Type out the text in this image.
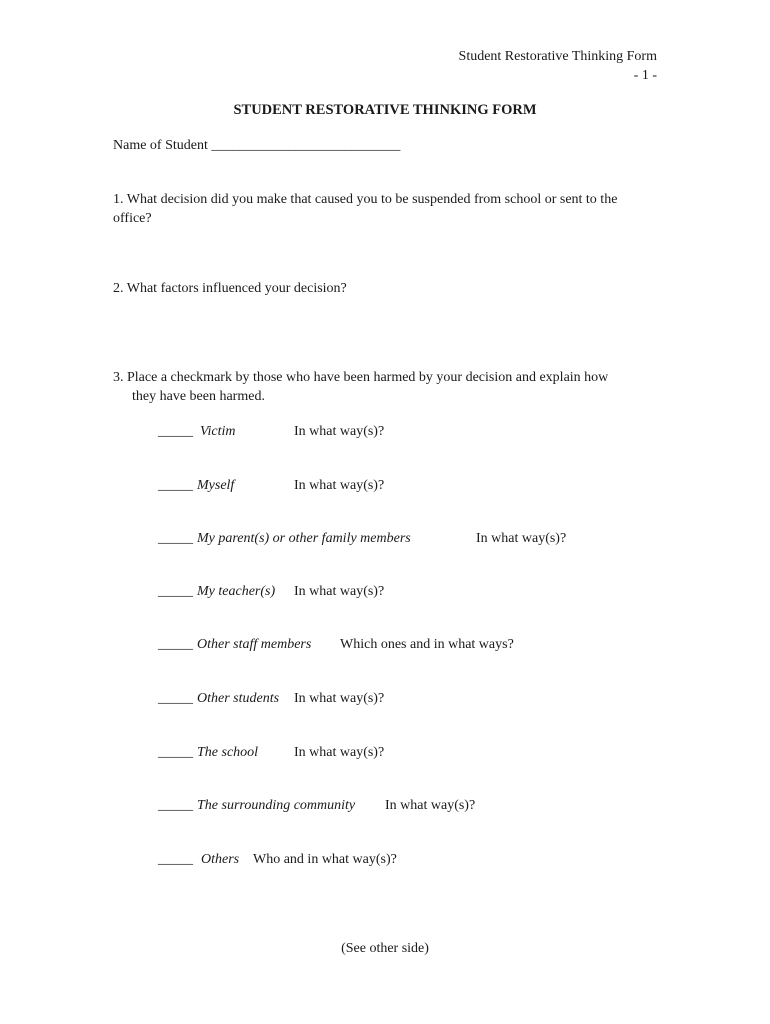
Student Restorative Thinking Form
- 1 -
STUDENT RESTORATIVE THINKING FORM
Name of Student ___________________________
1. What decision did you make that caused you to be suspended from school or sent to the office?
2. What factors influenced your decision?
3. Place a checkmark by those who have been harmed by your decision and explain how
they have been harmed.
_____ Victim	In what way(s)?
_____ Myself	In what way(s)?
_____ My parent(s) or other family members	In what way(s)?
_____ My teacher(s) In what way(s)?
_____ Other staff members Which ones and in what ways?
_____ Other students In what way(s)?
_____ The school	In what way(s)?
_____ The surrounding community In what way(s)?
_____ Others Who and in what way(s)?
(See other side)
